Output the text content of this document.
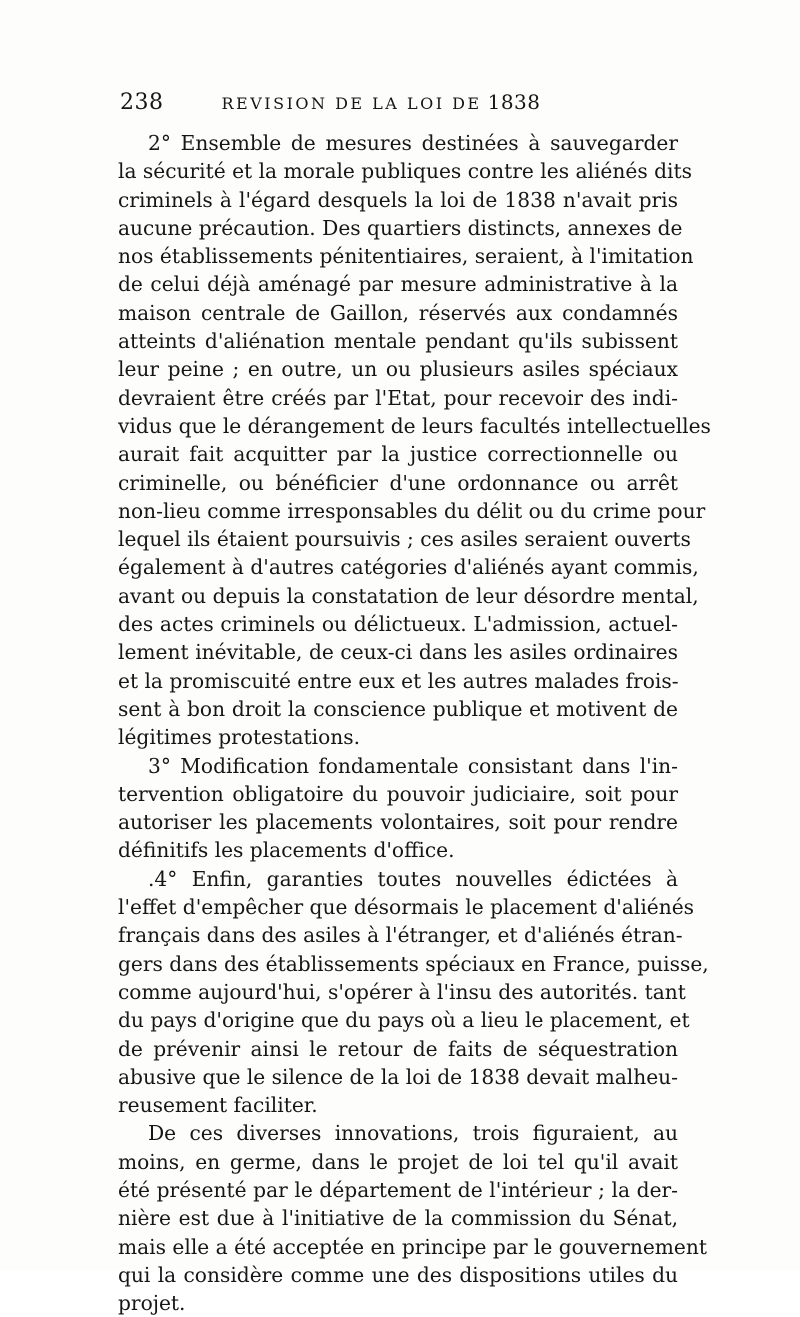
238	REVISION DE LA LOI DE 1838
2° Ensemble de mesures destinées à sauvegarder
la sécurité et la morale publiques contre les aliénés dits
criminels à l'égard desquels la loi de 1838 n'avait pris
aucune précaution. Des quartiers distincts, annexes de
nos établissements pénitentiaires, seraient, à l'imitation
de celui déjà aménagé par mesure administrative à la
maison centrale de Gaillon, réservés aux condamnés
atteints d'aliénation mentale pendant qu'ils subissent
leur peine ; en outre, un ou plusieurs asiles spéciaux
devraient être créés par l'Etat, pour recevoir des indi-
vidus que le dérangement de leurs facultés intellectuelles
aurait fait acquitter par la justice correctionnelle ou
criminelle, ou bénéficier d'une ordonnance ou arrêt
non-lieu comme irresponsables du délit ou du crime pour
lequel ils étaient poursuivis ; ces asiles seraient ouverts
également à d'autres catégories d'aliénés ayant commis,
avant ou depuis la constatation de leur désordre mental,
des actes criminels ou délictueux. L'admission, actuel-
lement inévitable, de ceux-ci dans les asiles ordinaires
et la promiscuité entre eux et les autres malades frois-
sent à bon droit la conscience publique et motivent de
légitimes protestations.
3° Modification fondamentale consistant dans l'in-
tervention obligatoire du pouvoir judiciaire, soit pour
autoriser les placements volontaires, soit pour rendre
définitifs les placements d'office.
.4° Enfin, garanties toutes nouvelles édictées à
l'effet d'empêcher que désormais le placement d'aliénés
français dans des asiles à l'étranger, et d'aliénés étran-
gers dans des établissements spéciaux en France, puisse,
comme aujourd'hui, s'opérer à l'insu des autorités. tant
du pays d'origine que du pays où a lieu le placement, et
de prévenir ainsi le retour de faits de séquestration
abusive que le silence de la loi de 1838 devait malheu-
reusement faciliter.
De ces diverses innovations, trois figuraient, au
moins, en germe, dans le projet de loi tel qu'il avait
été présenté par le département de l'intérieur ; la der-
nière est due à l'initiative de la commission du Sénat,
mais elle a été acceptée en principe par le gouvernement
qui la considère comme une des dispositions utiles du
projet.
